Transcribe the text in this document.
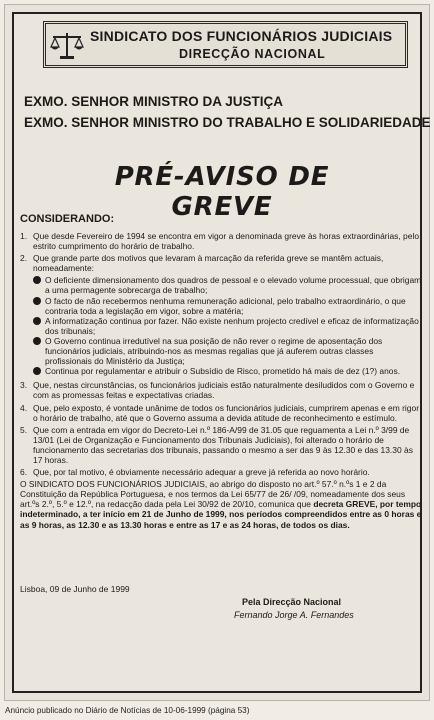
SINDICATO DOS FUNCIONÁRIOS JUDICIAIS
DIRECÇÃO NACIONAL
EXMO. SENHOR MINISTRO DA JUSTIÇA
EXMO. SENHOR MINISTRO DO TRABALHO E SOLIDARIEDADE
PRÉ-AVISO DE GREVE
CONSIDERANDO:
1. Que desde Fevereiro de 1994 se encontra em vigor a denominada greve às horas extraordinárias, pelo estrito cumprimento do horário de trabalho.
2. Que grande parte dos motivos que levaram à marcação da referida greve se mantêm actuais, nomeadamente:
O deficiente dimensionamento dos quadros de pessoal e o elevado volume processual, que obrigam a uma permagente sobrecarga de trabalho;
O facto de não recebermos nenhuma remuneração adicional, pelo trabalho extraordinário, o que contraria toda a legislação em vigor, sobre a matéria;
A informatização continua por fazer. Não existe nenhum projecto credível e eficaz de informatização dos tribunais;
O Governo continua irredutível na sua posição de não rever o regime de aposentação dos funcionários judiciais, atribuindo-nos as mesmas regalias que já auferem outras classes profissionais do Ministério da Justiça;
Continua por regulamentar e atribuir o Subsídio de Risco, prometido há mais de dez (1?) anos.
3. Que, nestas circunstâncias, os funcionários judiciais estão naturalmente desiludidos com o Governo e com as promessas feitas e expectativas criadas.
4. Que, pelo exposto, é vontade unânime de todos os funcionários judiciais, cumprirem apenas e em rigor o horário de trabalho, até que o Governo assuma a devida atitude de reconhecimento e estímulo.
5. Que com a entrada em vigor do Decreto-Lei n.º 186-A/99 de 31.05 que reguamenta a Lei n.º 3/99 de 13/01 (Lei de Organização e Funcionamento dos Tribunais Judiciais), foi alterado o horário de funcionamento das secretarias dos tribunais, passando o mesmo a ser das 9 às 12.30 e das 13.30 às 17 horas.
6. Que, por tal motivo, é obviamente necessário adequar a greve já referida ao novo horário.
O SINDICATO DOS FUNCIONÁRIOS JUDICIAIS, ao abrigo do disposto no art.º 57.º n.ºs 1 e 2 da Constituição da República Portuguesa, e nos termos da Lei 65/77 de 26/ /09, nomeadamente dos seus art.ºs 2.º, 5.º e 12.º, na redacção dada pela Lei 30/92 de 20/10, comunica que decreta GREVE, por tempo indeterminado, a ter início em 21 de Junho de 1999, nos períodos compreendidos entre as 0 horas e as 9 horas, as 12.30 e as 13.30 horas e entre as 17 e as 24 horas, de todos os dias.
Lisboa, 09 de Junho de 1999
Pela Direcção Nacional
Fernando Jorge A. Fernandes
Anúncio publicado no Diário de Notícias de 10-06-1999 (página 53)
